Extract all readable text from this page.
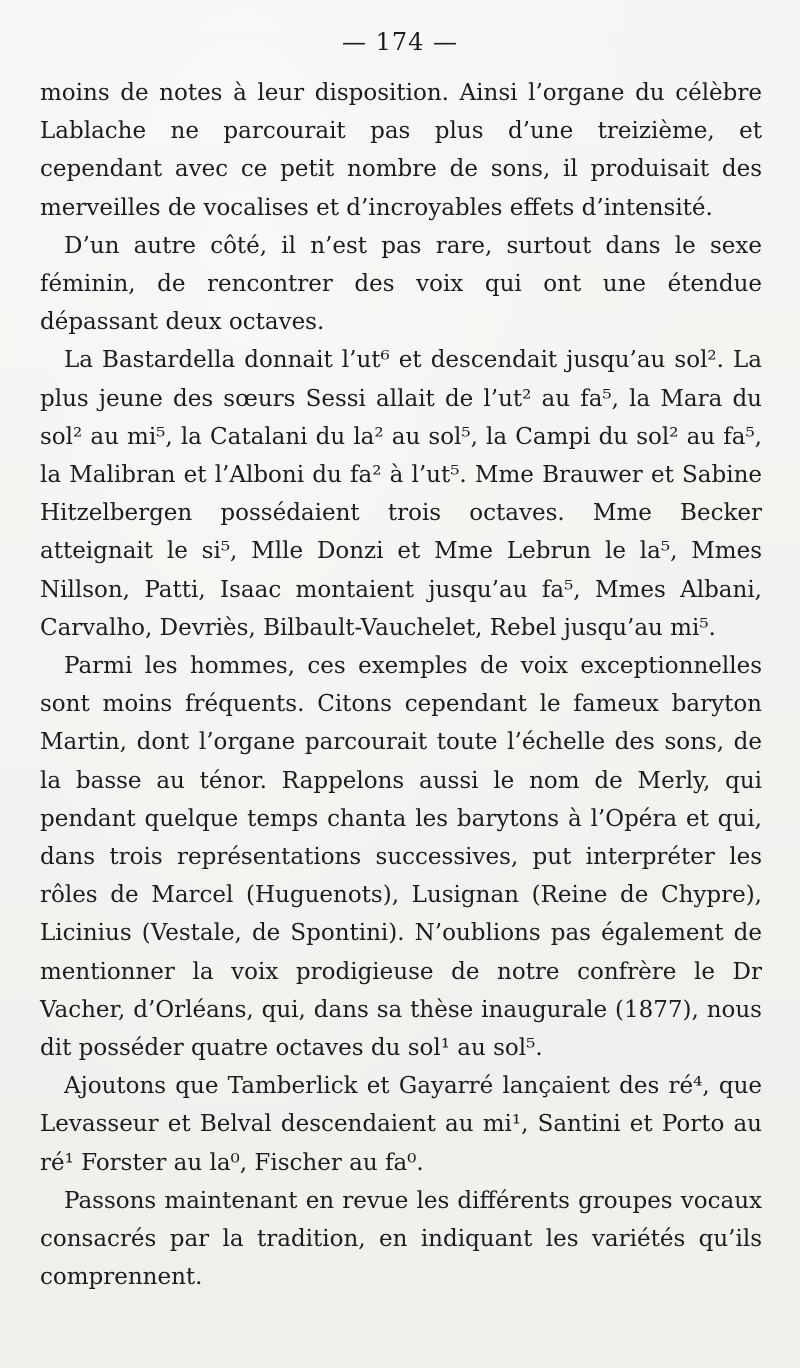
— 174 —

moins de notes à leur disposition. Ainsi l’organe du célèbre Lablache ne parcourait pas plus d’une treizième, et cependant avec ce petit nombre de sons, il produisait des merveilles de vocalises et d’incroyables effets d’intensité.

D’un autre côté, il n’est pas rare, surtout dans le sexe féminin, de rencontrer des voix qui ont une étendue dépassant deux octaves.

La Bastardella donnait l’ut⁶ et descendait jusqu’au sol². La plus jeune des sœurs Sessi allait de l’ut² au fa⁵, la Mara du sol² au mi⁵, la Catalani du la² au sol⁵, la Campi du sol² au fa⁵, la Malibran et l’Alboni du fa² à l’ut⁵. Mme Brauwer et Sabine Hitzelbergen possédaient trois octaves. Mme Becker atteignait le si⁵, Mlle Donzi et Mme Lebrun le la⁵, Mmes Nillson, Patti, Isaac montaient jusqu’au fa⁵, Mmes Albani, Carvalho, Devriès, Bilbault-Vauchelet, Rebel jusqu’au mi⁵.

Parmi les hommes, ces exemples de voix exceptionnelles sont moins fréquents. Citons cependant le fameux baryton Martin, dont l’organe parcourait toute l’échelle des sons, de la basse au ténor. Rappelons aussi le nom de Merly, qui pendant quelque temps chanta les barytons à l’Opéra et qui, dans trois représentations successives, put interpréter les rôles de Marcel (Huguenots), Lusignan (Reine de Chypre), Licinius (Vestale, de Spontini). N’oublions pas également de mentionner la voix prodigieuse de notre confrère le Dr Vacher, d’Orléans, qui, dans sa thèse inaugurale (1877), nous dit posséder quatre octaves du sol¹ au sol⁵.

Ajoutons que Tamberlick et Gayarré lançaient des ré⁴, que Levasseur et Belval descendaient au mi¹, Santini et Porto au ré¹ Forster au la⁰, Fischer au fa⁰.

Passons maintenant en revue les différents groupes vocaux consacrés par la tradition, en indiquant les variétés qu’ils comprennent.
